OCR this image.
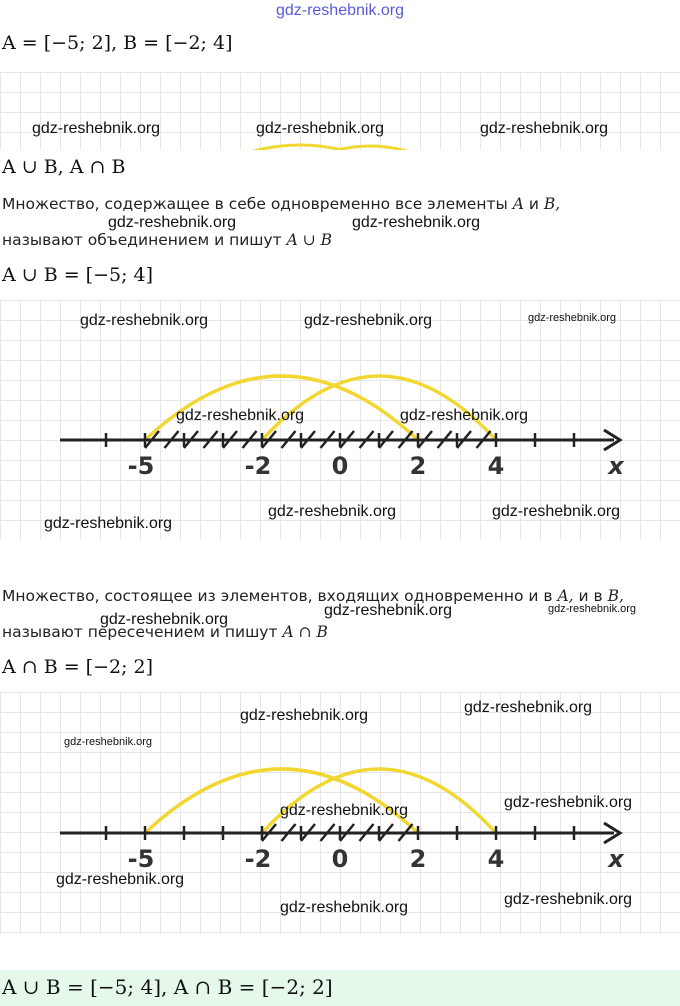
gdz-reshebnik.org
A = [−5; 2], B = [−2; 4]
gdz-reshebnik.org	gdz-reshebnik.org	gdz-reshebnik.org
A ∪ B, A ∩ B
Множество, содержащее в себе одновременно все элементы A и B,
называют объединением и пишут A ∪ B
gdz-reshebnik.org	gdz-reshebnik.org
A ∪ B = [−5; 4]
-5	-2	0	2	4	x
gdz-reshebnik.org	gdz-reshebnik.org	gdz-reshebnik.org
gdz-reshebnik.org	gdz-reshebnik.org
gdz-reshebnik.org
gdz-reshebnik.org	gdz-reshebnik.org
Множество, состоящее из элементов, входящих одновременно и в A, и в B,
называют пересечением и пишут A ∩ B
gdz-reshebnik.org
gdz-reshebnik.org	gdz-reshebnik.org
A ∩ B = [−2; 2]
-5	-2	0	2	4	x
gdz-reshebnik.org	gdz-reshebnik.org
gdz-reshebnik.org
gdz-reshebnik.org	gdz-reshebnik.org
gdz-reshebnik.org
gdz-reshebnik.org	gdz-reshebnik.org
A ∪ B = [−5; 4], A ∩ B = [−2; 2]
